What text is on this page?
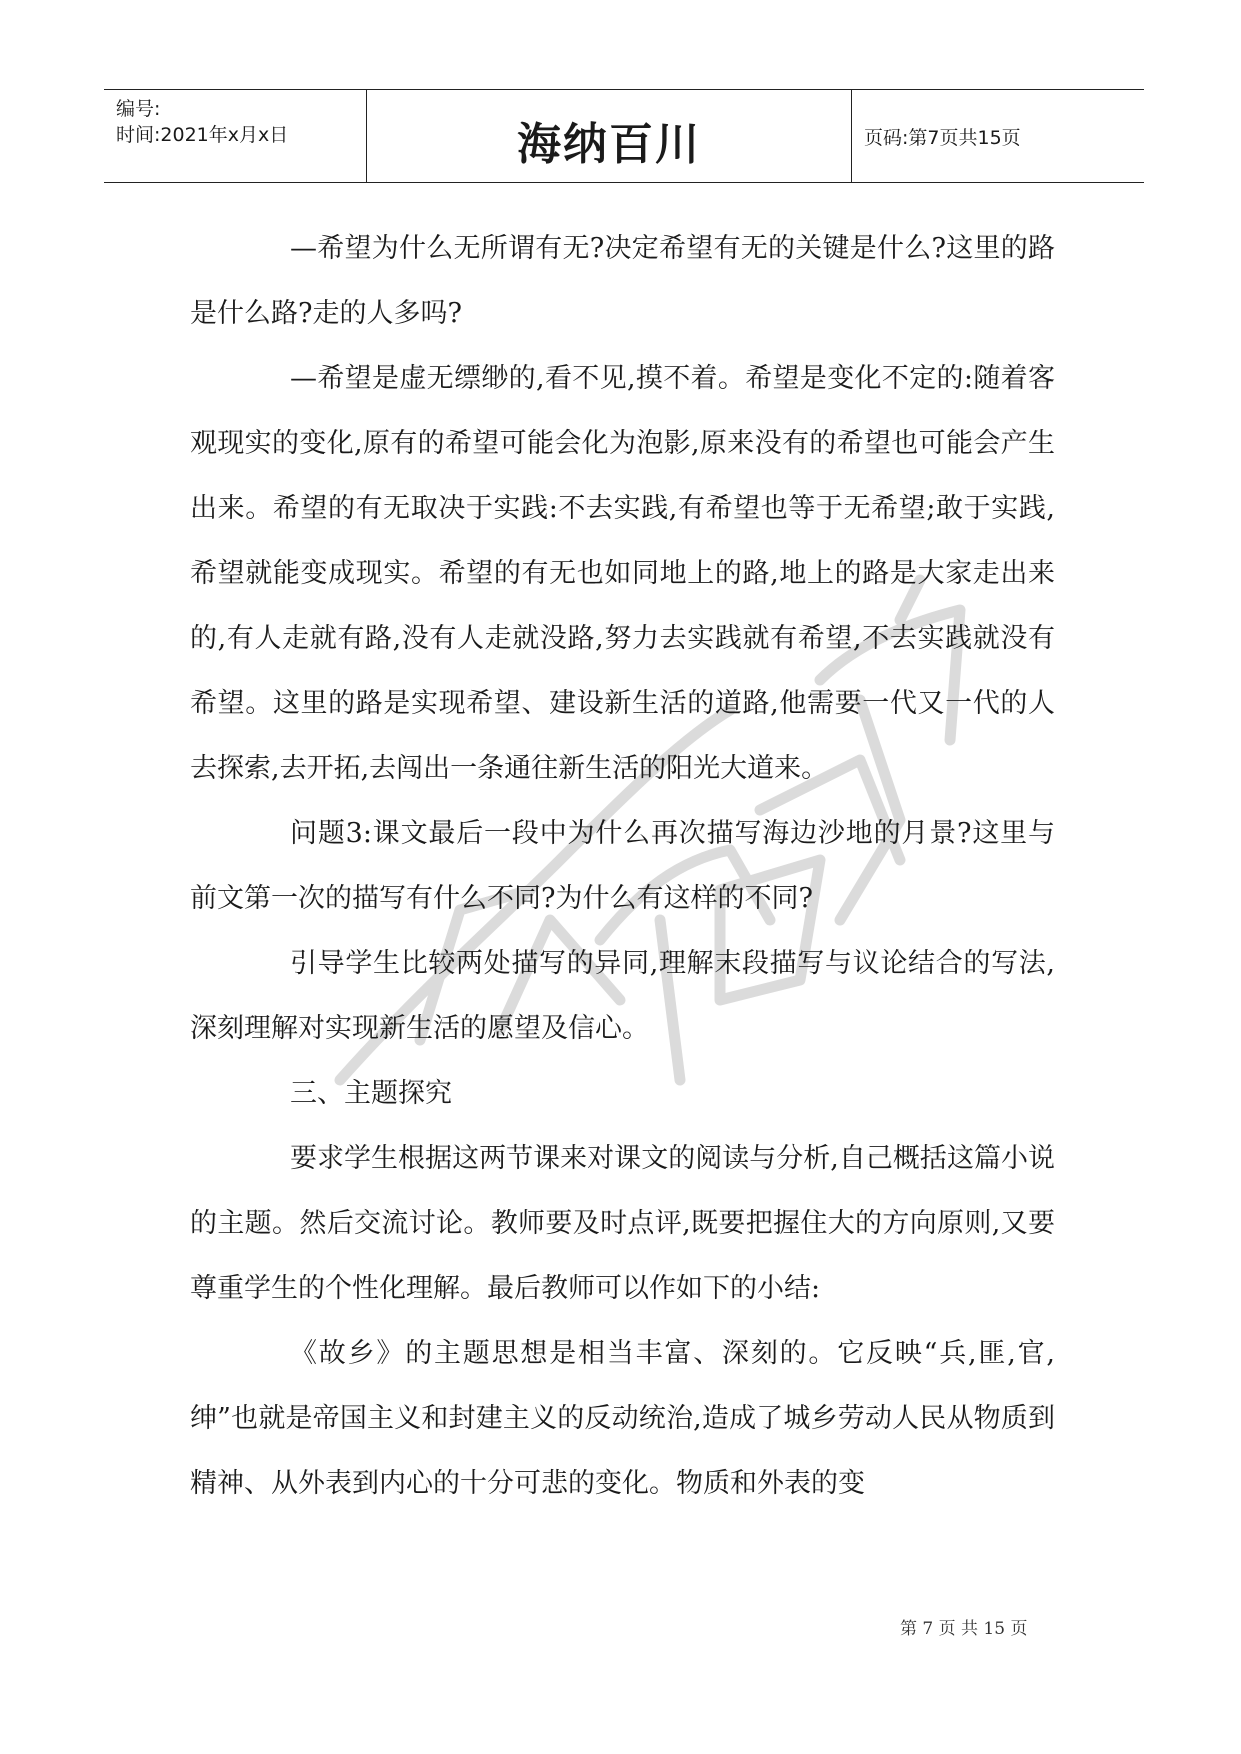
编号:
时间:2021年x月x日	海纳百川	页码:第7页共15页
严禁复制

—希望为什么无所谓有无?决定希望有无的关键是什么?这里的路是什么路?走的人多吗?

—希望是虚无缥缈的,看不见,摸不着。希望是变化不定的:随着客观现实的变化,原有的希望可能会化为泡影,原来没有的希望也可能会产生出来。希望的有无取决于实践:不去实践,有希望也等于无希望;敢于实践,希望就能变成现实。希望的有无也如同地上的路,地上的路是大家走出来的,有人走就有路,没有人走就没路,努力去实践就有希望,不去实践就没有希望。这里的路是实现希望、建设新生活的道路,他需要一代又一代的人去探索,去开拓,去闯出一条通往新生活的阳光大道来。

问题3:课文最后一段中为什么再次描写海边沙地的月景?这里与前文第一次的描写有什么不同?为什么有这样的不同?

引导学生比较两处描写的异同,理解末段描写与议论结合的写法,深刻理解对实现新生活的愿望及信心。

三、主题探究

要求学生根据这两节课来对课文的阅读与分析,自己概括这篇小说的主题。然后交流讨论。教师要及时点评,既要把握住大的方向原则,又要尊重学生的个性化理解。最后教师可以作如下的小结:

《故乡》的主题思想是相当丰富、深刻的。它反映“兵,匪,官,绅”也就是帝国主义和封建主义的反动统治,造成了城乡劳动人民从物质到精神、从外表到内心的十分可悲的变化。物质和外表的变

第 7 页 共 15 页
